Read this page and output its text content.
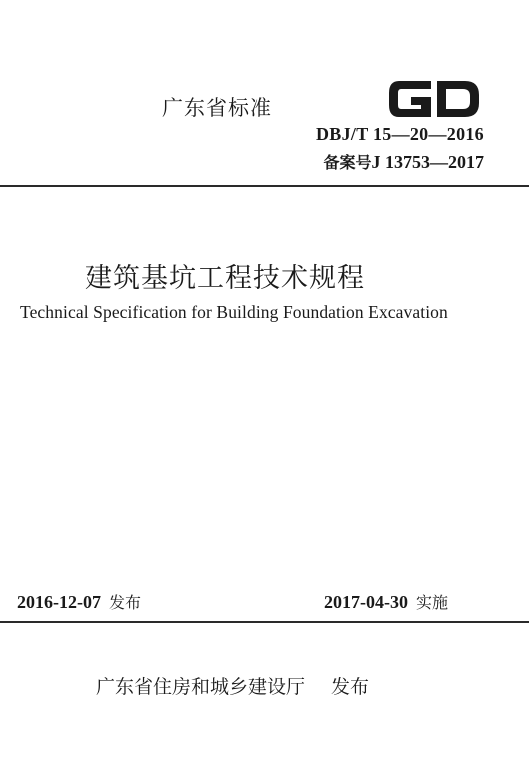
广东省标准
DBJ/T 15—20—2016
备案号J 13753—2017
建筑基坑工程技术规程
Technical Specification for Building Foundation Excavation
2016-12-07 发布	2017-04-30 实施
广东省住房和城乡建设厅 发布
